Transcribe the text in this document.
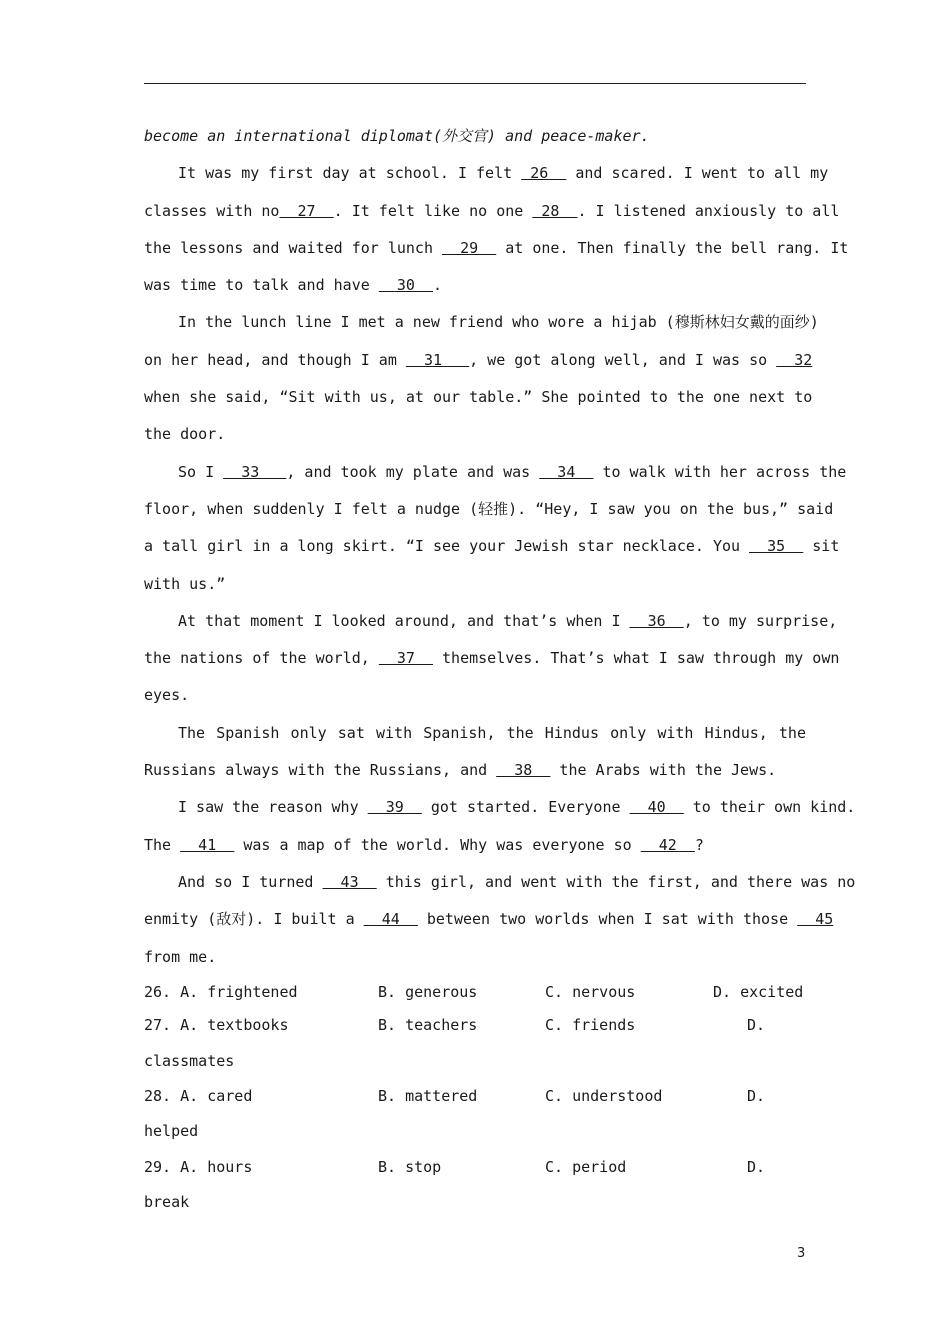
become an international diplomat(外交官) and peace-maker.
It was my first day at school. I felt  26   and scared. I went to all my
classes with no  27  . It felt like no one  28  . I listened anxiously to all
the lessons and waited for lunch   29   at one. Then finally the bell rang. It
was time to talk and have   30  .
In the lunch line I met a new friend who wore a hijab (穆斯林妇女戴的面纱)
on her head, and though I am   31   , we got along well, and I was so   32
when she said, “Sit with us, at our table.” She pointed to the one next to
the door.
So I   33   , and took my plate and was   34   to walk with her across the
floor, when suddenly I felt a nudge (轻推). “Hey, I saw you on the bus,” said
a tall girl in a long skirt. “I see your Jewish star necklace. You   35   sit
with us.”
At that moment I looked around, and that’s when I   36  , to my surprise,
the nations of the world,   37   themselves. That’s what I saw through my own
eyes.
The Spanish only sat with Spanish, the Hindus only with Hindus, the
Russians always with the Russians, and   38   the Arabs with the Jews.
I saw the reason why   39   got started. Everyone   40   to their own kind.
The   41   was a map of the world. Why was everyone so   42  ?
And so I turned   43   this girl, and went with the first, and there was no
enmity (敌对). I built a   44   between two worlds when I sat with those   45
from me.
26. A. frightened	B. generous	C. nervous	D. excited
27. A. textbooks	B. teachers	C. friends	D.
classmates
28. A. cared	B. mattered	C. understood	D.
helped
29. A. hours	B. stop	C. period	D.
break
3
